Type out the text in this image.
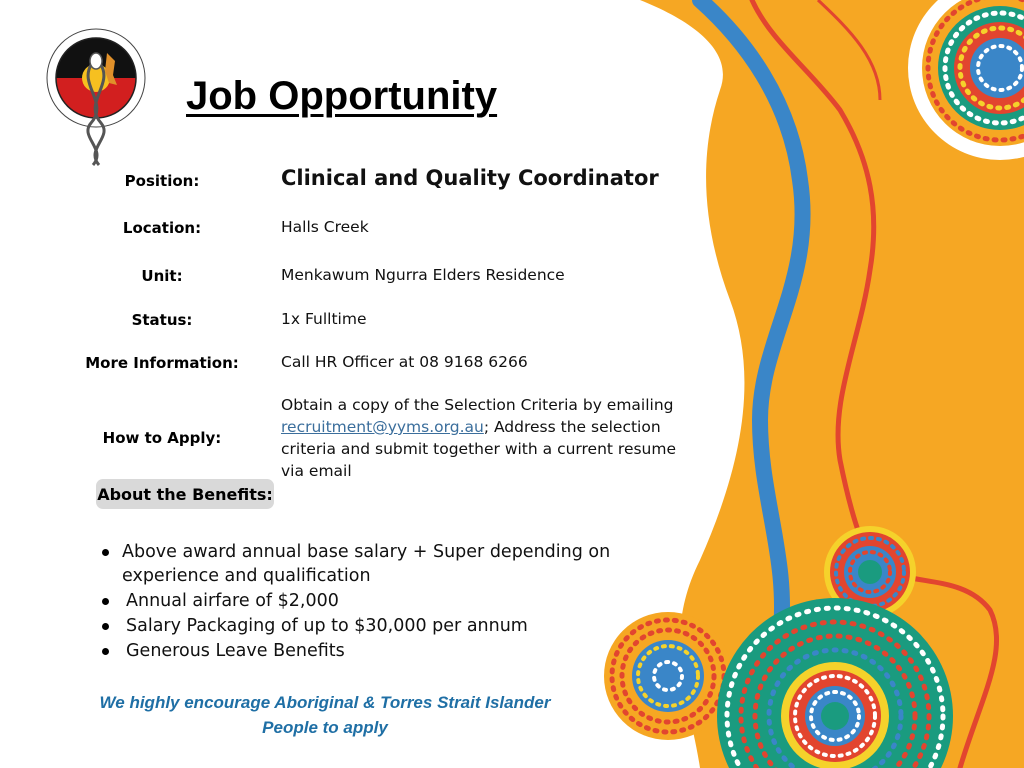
Job Opportunity
Position:	Clinical and Quality Coordinator
Location:	Halls Creek
Unit:	Menkawum Ngurra Elders Residence
Status:	1x Fulltime
More Information:	Call HR Officer at 08 9168 6266
How to Apply:
Obtain a copy of the Selection Criteria by emailing recruitment@yyms.org.au; Address the selection criteria and submit together with a current resume via email
About the Benefits:
Above award annual base salary + Super depending on experience and qualification
Annual airfare of $2,000
Salary Packaging of up to $30,000 per annum
Generous Leave Benefits
We highly encourage Aboriginal & Torres Strait Islander
People to apply
